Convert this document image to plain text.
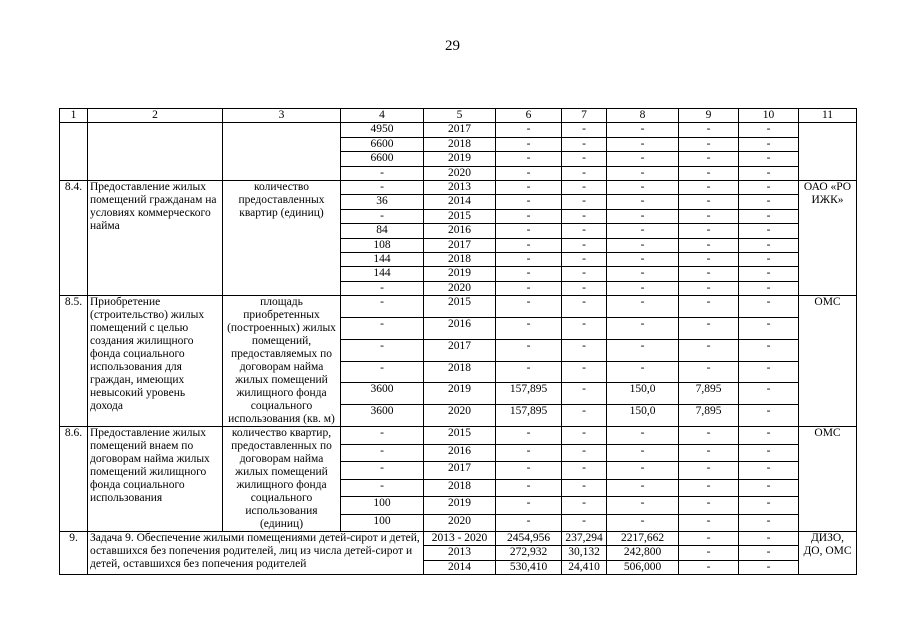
29
1	2	3	4	5	6	7	8	9	10	11
			4950	2017	-	-	-	-	-	
			6600	2018	-	-	-	-	-	
			6600	2019	-	-	-	-	-	
			-	2020	-	-	-	-	-	
8.4.	Предоставление жилых помещений гражданам на условиях коммерческого найма	количество предоставленных квартир (единиц)	-	2013	-	-	-	-	-	ОАО «РО ИЖК»
			36	2014	-	-	-	-	-	
			-	2015	-	-	-	-	-	
			84	2016	-	-	-	-	-	
			108	2017	-	-	-	-	-	
			144	2018	-	-	-	-	-	
			144	2019	-	-	-	-	-	
			-	2020	-	-	-	-	-	
8.5.	Приобретение (строительство) жилых помещений с целью создания жилищного фонда социального использования для граждан, имеющих невысокий уровень дохода	площадь приобретенных (построенных) жилых помещений, предоставляемых по договорам найма жилых помещений жилищного фонда социального использования (кв. м)	-	2015	-	-	-	-	-	ОМС
			-	2016	-	-	-	-	-	
			-	2017	-	-	-	-	-	
			-	2018	-	-	-	-	-	
			3600	2019	157,895	-	150,0	7,895	-	
			3600	2020	157,895	-	150,0	7,895	-	
8.6.	Предоставление жилых помещений внаем по договорам найма жилых помещений жилищного фонда социального использования	количество квартир, предоставленных по договорам найма жилых помещений жилищного фонда социального использования (единиц)	-	2015	-	-	-	-	-	ОМС
			-	2016	-	-	-	-	-	
			-	2017	-	-	-	-	-	
			-	2018	-	-	-	-	-	
			100	2019	-	-	-	-	-	
			100	2020	-	-	-	-	-	
9.	Задача 9. Обеспечение жилыми помещениями детей-сирот и детей, оставшихся без попечения родителей, лиц из числа детей-сирот и детей, оставшихся без попечения родителей			2013 - 2020	2454,956	237,294	2217,662	-	-	ДИЗО, ДО, ОМС
				2013	272,932	30,132	242,800	-	-	
				2014	530,410	24,410	506,000	-	-	
